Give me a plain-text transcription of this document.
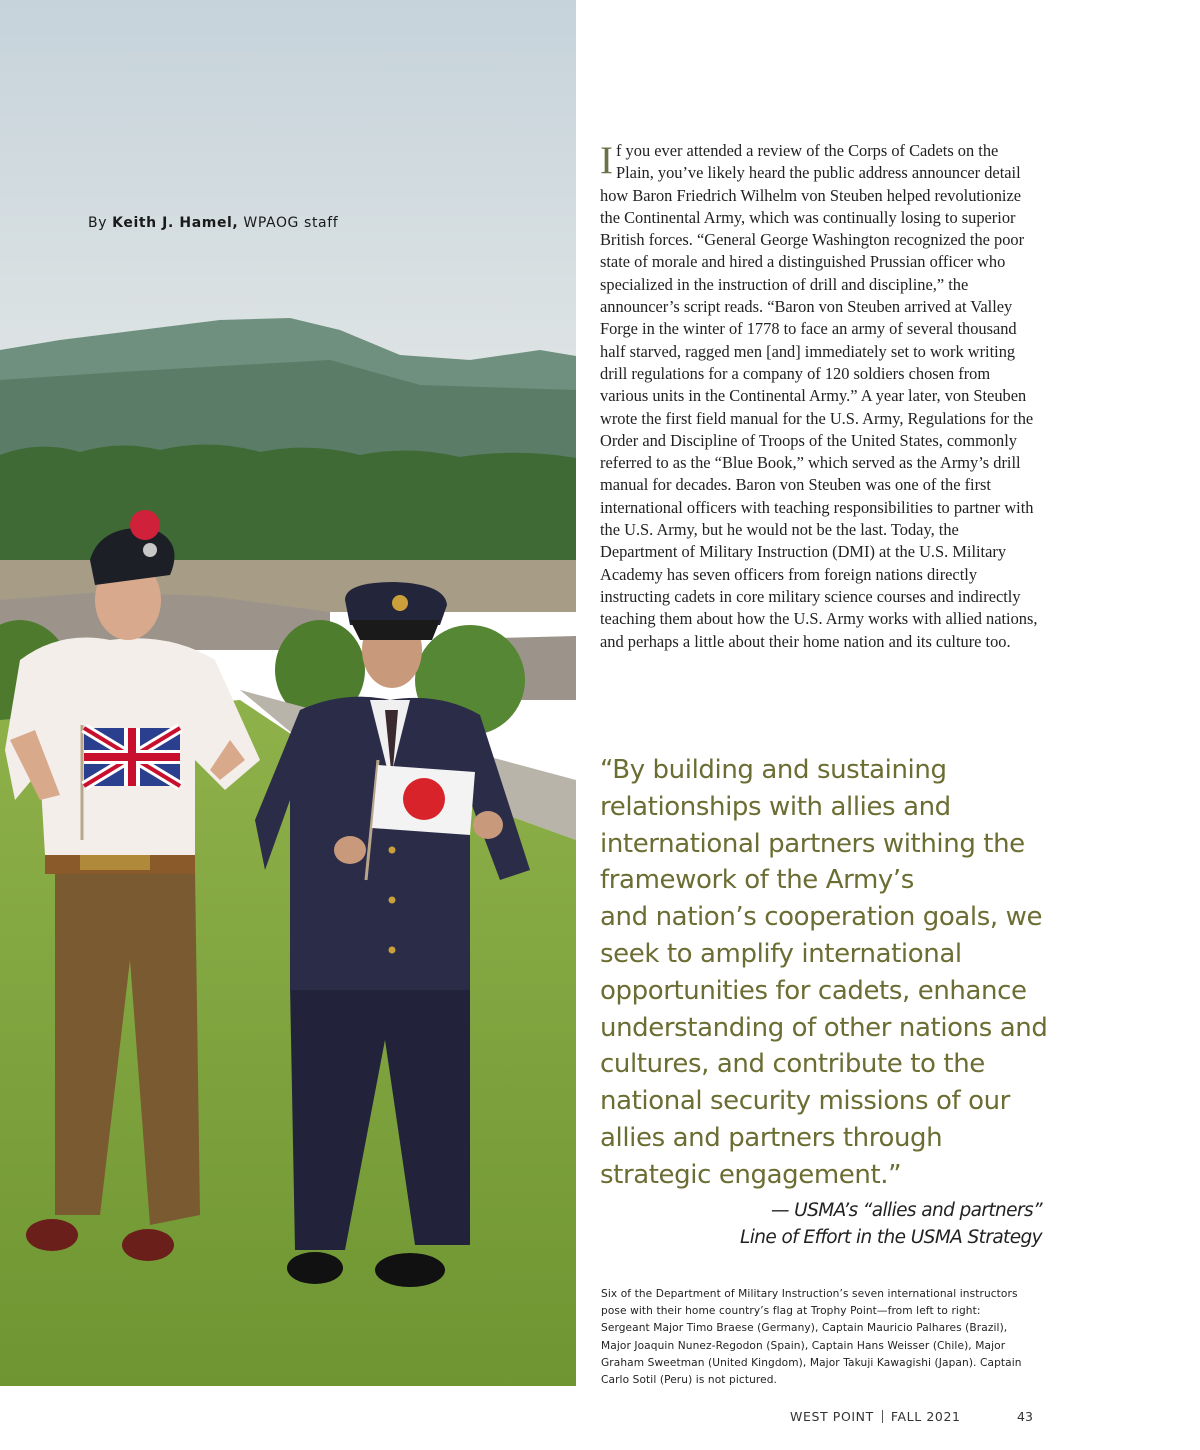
By Keith J. Hamel, WPAOG staff

If you ever attended a review of the Corps of Cadets on the Plain, you’ve likely heard the public address announcer detail how Baron Friedrich Wilhelm von Steuben helped revolutionize the Continental Army, which was continually losing to superior British forces. “General George Washington recognized the poor state of morale and hired a distinguished Prussian officer who specialized in the instruction of drill and discipline,” the announcer’s script reads. “Baron von Steuben arrived at Valley Forge in the winter of 1778 to face an army of several thousand half starved, ragged men [and] immediately set to work writing drill regulations for a company of 120 soldiers chosen from various units in the Continental Army.” A year later, von Steuben wrote the first field manual for the U.S. Army, Regulations for the Order and Discipline of Troops of the United States, commonly referred to as the “Blue Book,” which served as the Army’s drill manual for decades. Baron von Steuben was one of the first international officers with teaching responsibilities to partner with the U.S. Army, but he would not be the last. Today, the Department of Military Instruction (DMI) at the U.S. Military Academy has seven officers from foreign nations directly instructing cadets in core military science courses and indirectly teaching them about how the U.S. Army works with allied nations, and perhaps a little about their home nation and its culture too.

“By building and sustaining
relationships with allies and
international partners withing the
framework of the Army’s
and nation’s cooperation goals, we
seek to amplify international
opportunities for cadets, enhance
understanding of other nations and
cultures, and contribute to the
national security missions of our
allies and partners through
strategic engagement.”
— USMA’s “allies and partners”
Line of Effort in the USMA Strategy
Six of the Department of Military Instruction’s seven international instructors pose with their home country’s flag at Trophy Point—from left to right: Sergeant Major Timo Braese (Germany), Captain Mauricio Palhares (Brazil), Major Joaquin Nunez-Regodon (Spain), Captain Hans Weisser (Chile), Major Graham Sweetman (United Kingdom), Major Takuji Kawagishi (Japan). Captain Carlo Sotil (Peru) is not pictured.
WEST POINT FALL 2021	43
